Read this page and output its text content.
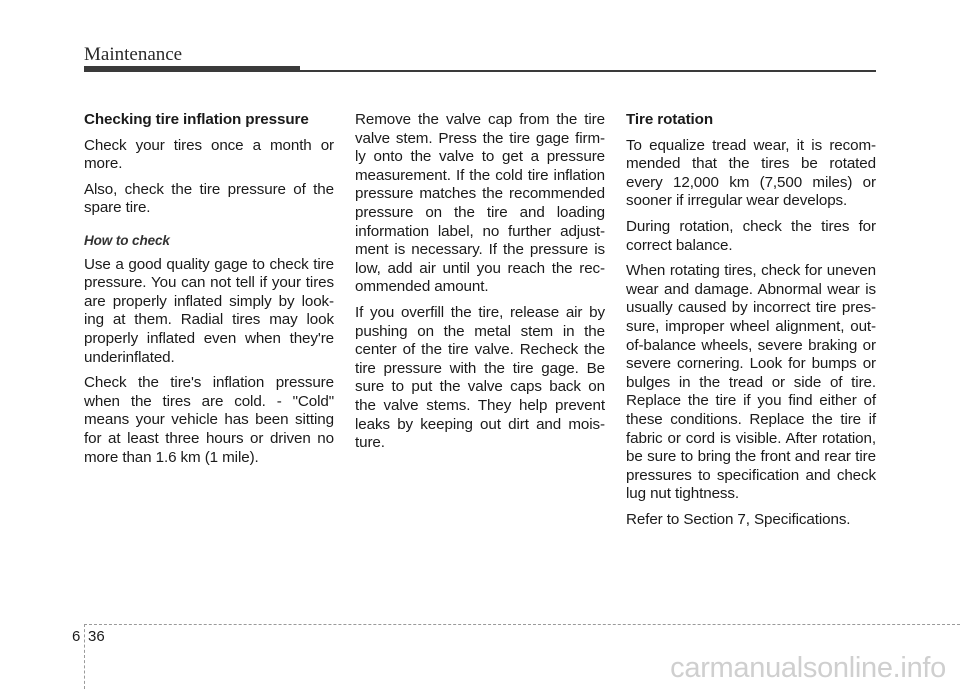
Maintenance
Checking tire inflation pressure

Check your tires once a month or more.

Also, check the tire pressure of the spare tire.

How to check

Use a good quality gage to check tire pressure. You can not tell if your tires are properly inflated simply by look-ing at them. Radial tires may look properly inflated even when they're underinflated.

Check the tire's inflation pressure when the tires are cold. - "Cold" means your vehicle has been sitting for at least three hours or driven no more than 1.6 km (1 mile).

Remove the valve cap from the tire valve stem. Press the tire gage firm-ly onto the valve to get a pressure measurement. If the cold tire inflation pressure matches the recommended pressure on the tire and loading information label, no further adjust-ment is necessary. If the pressure is low, add air until you reach the rec-ommended amount.

If you overfill the tire, release air by pushing on the metal stem in the center of the tire valve. Recheck the tire pressure with the tire gage. Be sure to put the valve caps back on the valve stems. They help prevent leaks by keeping out dirt and mois-ture.

Tire rotation

To equalize tread wear, it is recom-mended that the tires be rotated every 12,000 km (7,500 miles) or sooner if irregular wear develops.

During rotation, check the tires for correct balance.

When rotating tires, check for uneven wear and damage. Abnormal wear is usually caused by incorrect tire pres-sure, improper wheel alignment, out-of-balance wheels, severe braking or severe cornering. Look for bumps or bulges in the tread or side of tire. Replace the tire if you find either of these conditions. Replace the tire if fabric or cord is visible. After rotation, be sure to bring the front and rear tire pressures to specification and check lug nut tightness.

Refer to Section 7, Specifications.

6 36
carmanualsonline.info
